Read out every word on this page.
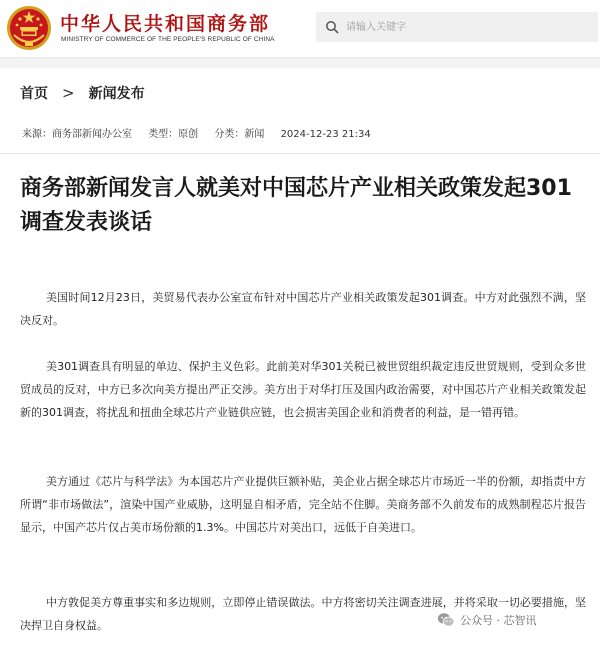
中华人民共和国商务部
MINISTRY OF COMMERCE OF THE PEOPLE'S REPUBLIC OF CHINA
请输入关键字
首页 > 新闻发布
来源：商务部新闻办公室 类型：原创 分类：新闻 2024-12-23 21:34
商务部新闻发言人就美对中国芯片产业相关政策发起301调查发表谈话

美国时间12月23日，美贸易代表办公室宣布针对中国芯片产业相关政策发起301调查。中方对此强烈不满，坚决反对。

美301调查具有明显的单边、保护主义色彩。此前美对华301关税已被世贸组织裁定违反世贸规则，受到众多世贸成员的反对，中方已多次向美方提出严正交涉。美方出于对华打压及国内政治需要，对中国芯片产业相关政策发起新的301调查，将扰乱和扭曲全球芯片产业链供应链，也会损害美国企业和消费者的利益，是一错再错。

美方通过《芯片与科学法》为本国芯片产业提供巨额补贴，美企业占据全球芯片市场近一半的份额，却指责中方所谓“非市场做法”，渲染中国产业威胁，这明显自相矛盾，完全站不住脚。美商务部不久前发布的成熟制程芯片报告显示，中国产芯片仅占美市场份额的1.3%。中国芯片对美出口，远低于自美进口。

中方敦促美方尊重事实和多边规则，立即停止错误做法。中方将密切关注调查进展，并将采取一切必要措施，坚决捍卫自身权益。	公众号 · 芯智讯
